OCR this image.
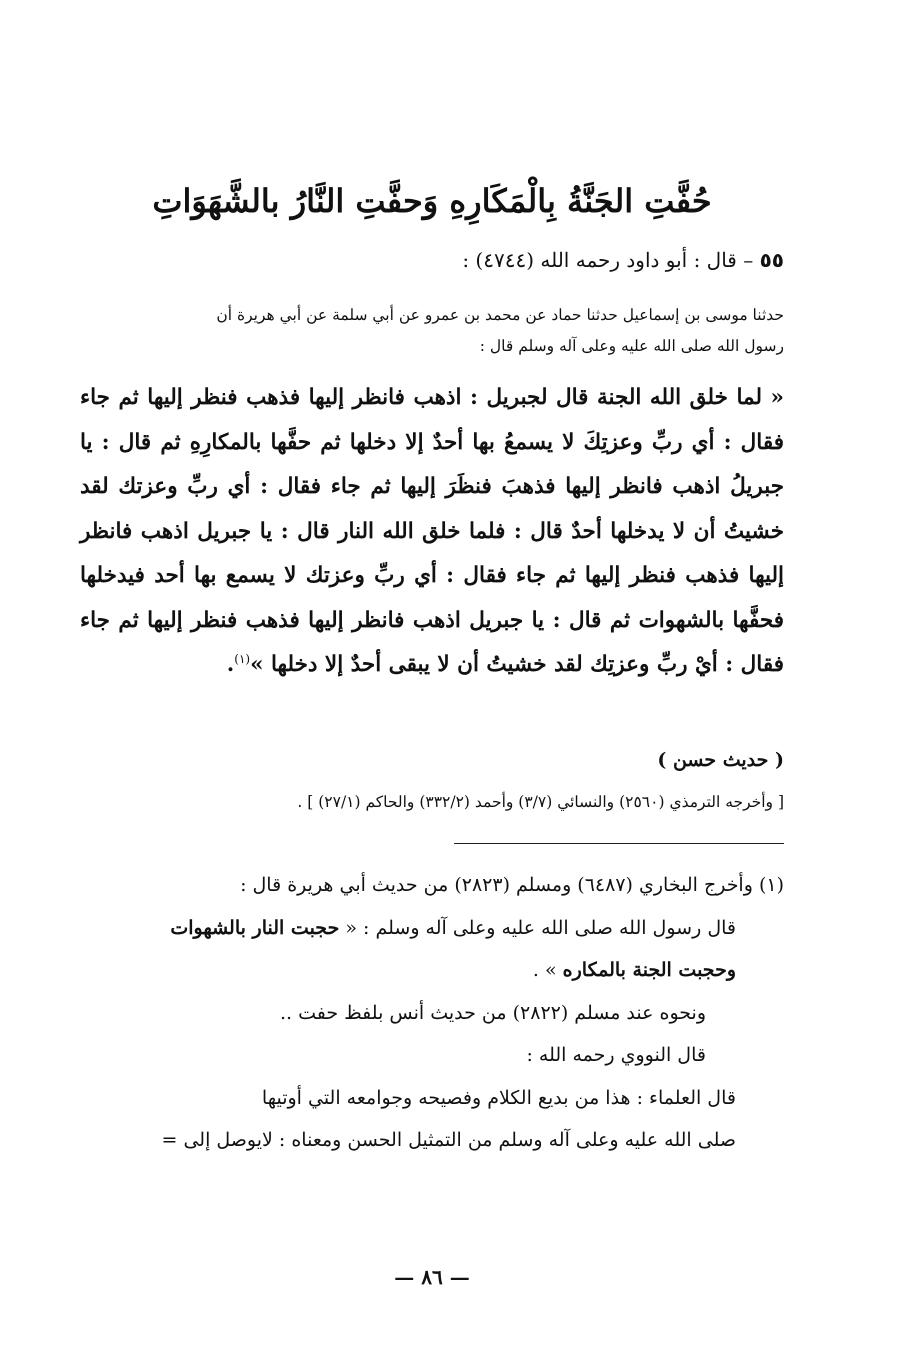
حُفَّتِ الجَنَّةُ بِالْمَكَارِهِ وَحفَّتِ النَّارُ بالشَّهَوَاتِ
٥٥ – قال : أبو داود رحمه الله (٤٧٤٤) :
حدثنا موسى بن إسماعيل حدثنا حماد عن محمد بن عمرو عن أبي سلمة عن أبي هريرة أن
رسول الله صلى الله عليه وعلى آله وسلم قال :
« لما خلق الله الجنة قال لجبريل : اذهب فانظر إليها فذهب فنظر إليها ثم جاء فقال : أي ربِّ وعزتِكَ لا يسمعُ بها أحدٌ إلا دخلها ثم حفَّها بالمكارِهِ ثم قال : يا جبريلُ اذهب فانظر إليها فذهبَ فنظَرَ إليها ثم جاء فقال : أي ربِّ وعزتك لقد خشيتُ أن لا يدخلها أحدٌ قال : فلما خلق الله النار قال : يا جبريل اذهب فانظر إليها فذهب فنظر إليها ثم جاء فقال : أي ربِّ وعزتك لا يسمع بها أحد فيدخلها فحفَّها بالشهوات ثم قال : يا جبريل اذهب فانظر إليها فذهب فنظر إليها ثم جاء فقال : أيْ ربِّ وعزتِك لقد خشيتُ أن لا يبقى أحدٌ إلا دخلها »$^{(١)}$.
( حديث حسن )
[ وأخرجه الترمذي (٢٥٦٠) والنسائي (٣/٧) وأحمد (٣٣٢/٢) والحاكم (٢٧/١) ] .
(١) وأخرج البخاري (٦٤٨٧) ومسلم (٢٨٢٣) من حديث أبي هريرة قال :
قال رسول الله صلى الله عليه وعلى آله وسلم : « حجبت النار بالشهوات
وحجبت الجنة بالمكاره » .
ونحوه عند مسلم (٢٨٢٢) من حديث أنس بلفظ حفت ..
قال النووي رحمه الله :
قال العلماء : هذا من بديع الكلام وفصيحه وجوامعه التي أوتيها
صلى الله عليه وعلى آله وسلم من التمثيل الحسن ومعناه : لايوصل إلى =
— ٨٦ —
